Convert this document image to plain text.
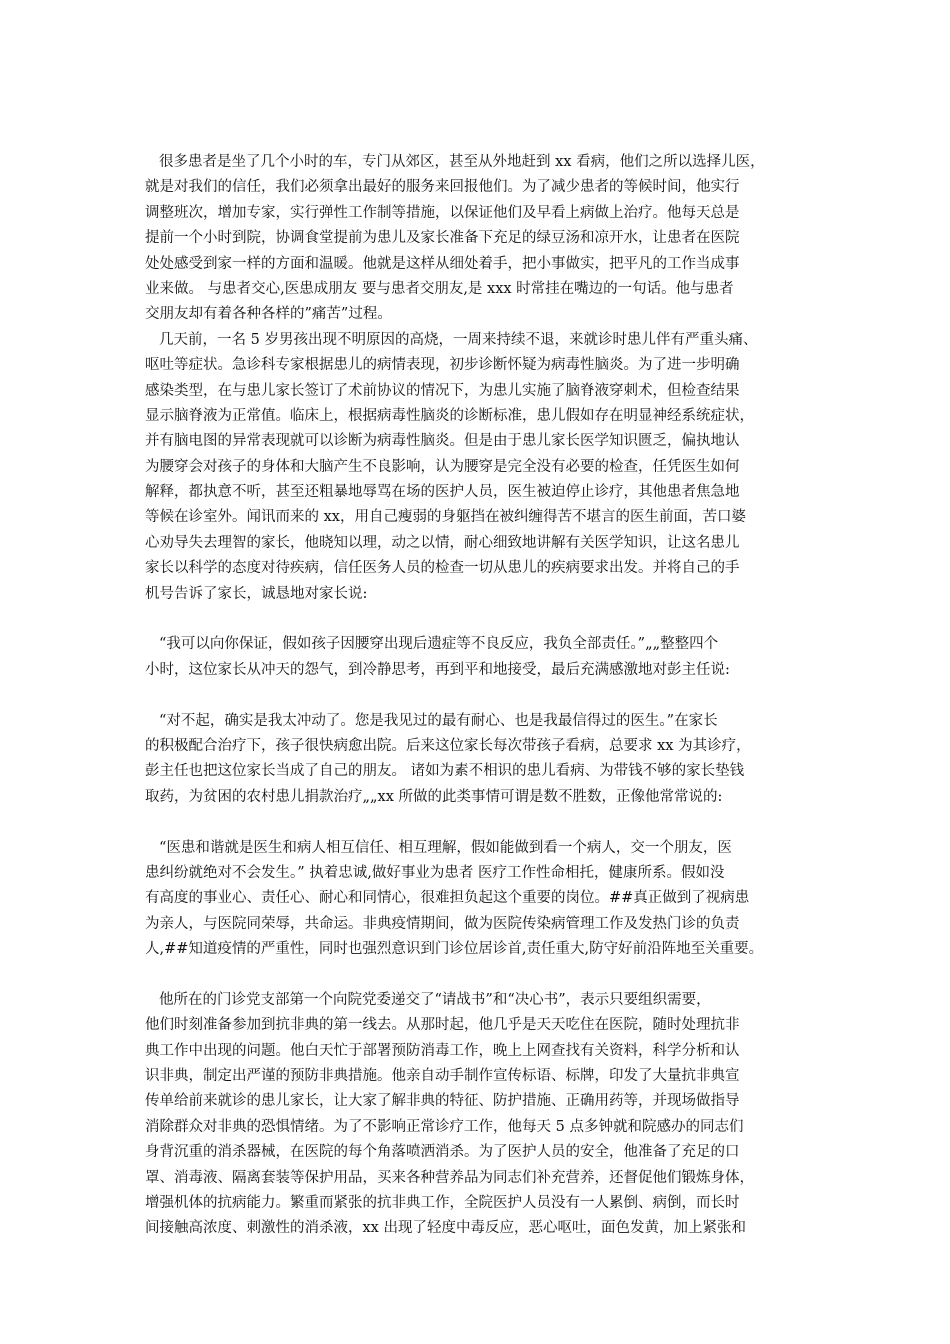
很多患者是坐了几个小时的车，专门从郊区，甚至从外地赶到 xx 看病，他们之所以选择儿医，
就是对我们的信任，我们必须拿出最好的服务来回报他们。为了减少患者的等候时间，他实行
调整班次，增加专家，实行弹性工作制等措施，以保证他们及早看上病做上治疗。他每天总是
提前一个小时到院，协调食堂提前为患儿及家长准备下充足的绿豆汤和凉开水，让患者在医院
处处感受到家一样的方面和温暖。他就是这样从细处着手，把小事做实，把平凡的工作当成事
业来做。 与患者交心,医患成朋友 要与患者交朋友,是 xxx 时常挂在嘴边的一句话。他与患者
交朋友却有着各种各样的”痛苦”过程。
几天前，一名 5 岁男孩出现不明原因的高烧，一周来持续不退，来就诊时患儿伴有严重头痛、
呕吐等症状。急诊科专家根据患儿的病情表现，初步诊断怀疑为病毒性脑炎。为了进一步明确
感染类型，在与患儿家长签订了术前协议的情况下，为患儿实施了脑脊液穿刺术，但检查结果
显示脑脊液为正常值。临床上，根据病毒性脑炎的诊断标准，患儿假如存在明显神经系统症状，
并有脑电图的异常表现就可以诊断为病毒性脑炎。但是由于患儿家长医学知识匮乏，偏执地认
为腰穿会对孩子的身体和大脑产生不良影响，认为腰穿是完全没有必要的检查，任凭医生如何
解释，都执意不听，甚至还粗暴地辱骂在场的医护人员，医生被迫停止诊疗，其他患者焦急地
等候在诊室外。闻讯而来的 xx，用自己瘦弱的身躯挡在被纠缠得苦不堪言的医生前面，苦口婆
心劝导失去理智的家长，他晓知以理，动之以情，耐心细致地讲解有关医学知识，让这名患儿
家长以科学的态度对待疾病，信任医务人员的检查一切从患儿的疾病要求出发。并将自己的手
机号告诉了家长，诚恳地对家长说:
“我可以向你保证，假如孩子因腰穿出现后遗症等不良反应，我负全部责任。”„„整整四个
小时，这位家长从冲天的怨气，到冷静思考，再到平和地接受，最后充满感激地对彭主任说:
“对不起，确实是我太冲动了。您是我见过的最有耐心、也是我最信得过的医生。”在家长
的积极配合治疗下，孩子很快病愈出院。后来这位家长每次带孩子看病，总要求 xx 为其诊疗，
彭主任也把这位家长当成了自己的朋友。 诸如为素不相识的患儿看病、为带钱不够的家长垫钱
取药，为贫困的农村患儿捐款治疗„„xx 所做的此类事情可谓是数不胜数，正像他常常说的:
“医患和谐就是医生和病人相互信任、相互理解，假如能做到看一个病人，交一个朋友，医
患纠纷就绝对不会发生。” 执着忠诚,做好事业为患者 医疗工作性命相托，健康所系。假如没
有高度的事业心、责任心、耐心和同情心，很难担负起这个重要的岗位。##真正做到了视病患
为亲人，与医院同荣辱，共命运。非典疫情期间，做为医院传染病管理工作及发热门诊的负责
人,##知道疫情的严重性，同时也强烈意识到门诊位居诊首,责任重大,防守好前沿阵地至关重要。
他所在的门诊党支部第一个向院党委递交了“请战书”和“决心书”，表示只要组织需要，
他们时刻准备参加到抗非典的第一线去。从那时起，他几乎是天天吃住在医院，随时处理抗非
典工作中出现的问题。他白天忙于部署预防消毒工作，晚上上网查找有关资料，科学分析和认
识非典，制定出严谨的预防非典措施。他亲自动手制作宣传标语、标牌，印发了大量抗非典宣
传单给前来就诊的患儿家长，让大家了解非典的特征、防护措施、正确用药等，并现场做指导
消除群众对非典的恐惧情绪。为了不影响正常诊疗工作，他每天 5 点多钟就和院感办的同志们
身背沉重的消杀器械，在医院的每个角落喷洒消杀。为了医护人员的安全，他准备了充足的口
罩、消毒液、隔离套装等保护用品，买来各种营养品为同志们补充营养，还督促他们锻炼身体，
增强机体的抗病能力。繁重而紧张的抗非典工作，全院医护人员没有一人累倒、病倒，而长时
间接触高浓度、刺激性的消杀液，xx 出现了轻度中毒反应，恶心呕吐，面色发黄，加上紧张和
